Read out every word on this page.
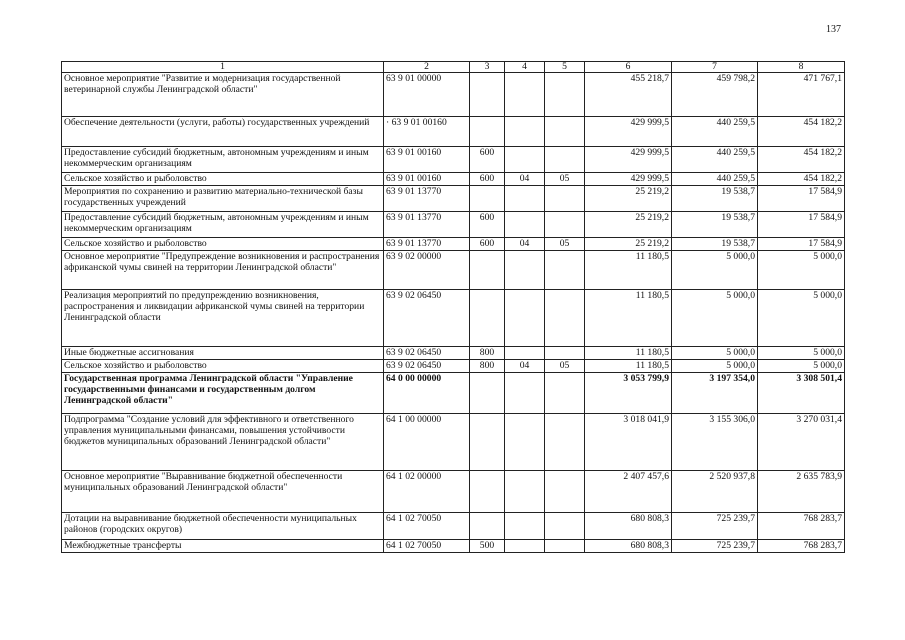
137
1	2	3	4	5	6	7	8
Основное мероприятие "Развитие и модернизация государственной ветеринарной службы Ленинградской области"	63 9 01 00000				455 218,7	459 798,2	471 767,1
Обеспечение деятельности (услуги, работы) государственных учреждений	· 63 9 01 00160				429 999,5	440 259,5	454 182,2
Предоставление субсидий бюджетным, автономным учреждениям и иным некоммерческим организациям	63 9 01 00160	600			429 999,5	440 259,5	454 182,2
Сельское хозяйство и рыболовство	63 9 01 00160	600	04	05	429 999,5	440 259,5	454 182,2
Мероприятия по сохранению и развитию материально-технической базы государственных учреждений	63 9 01 13770				25 219,2	19 538,7	17 584,9
Предоставление субсидий бюджетным, автономным учреждениям и иным некоммерческим организациям	63 9 01 13770	600			25 219,2	19 538,7	17 584,9
Сельское хозяйство и рыболовство	63 9 01 13770	600	04	05	25 219,2	19 538,7	17 584,9
Основное мероприятие "Предупреждение возникновения и распространения африканской чумы свиней на территории Ленинградской области"	63 9 02 00000				11 180,5	5 000,0	5 000,0
Реализация мероприятий по предупреждению возникновения, распространения и ликвидации африканской чумы свиней на территории Ленинградской области	63 9 02 06450				11 180,5	5 000,0	5 000,0
Иные бюджетные ассигнования	63 9 02 06450	800			11 180,5	5 000,0	5 000,0
Сельское хозяйство и рыболовство	63 9 02 06450	800	04	05	11 180,5	5 000,0	5 000,0
Государственная программа Ленинградской области "Управление государственными финансами и государственным долгом Ленинградской области"	64 0 00 00000				3 053 799,9	3 197 354,0	3 308 501,4
Подпрограмма "Создание условий для эффективного и ответственного управления муниципальными финансами, повышения устойчивости бюджетов муниципальных образований Ленинградской области"	64 1 00 00000				3 018 041,9	3 155 306,0	3 270 031,4
Основное мероприятие "Выравнивание бюджетной обеспеченности муниципальных образований Ленинградской области"	64 1 02 00000				2 407 457,6	2 520 937,8	2 635 783,9
Дотации на выравнивание бюджетной обеспеченности муниципальных районов (городских округов)	64 1 02 70050				680 808,3	725 239,7	768 283,7
Межбюджетные трансферты	64 1 02 70050	500			680 808,3	725 239,7	768 283,7
